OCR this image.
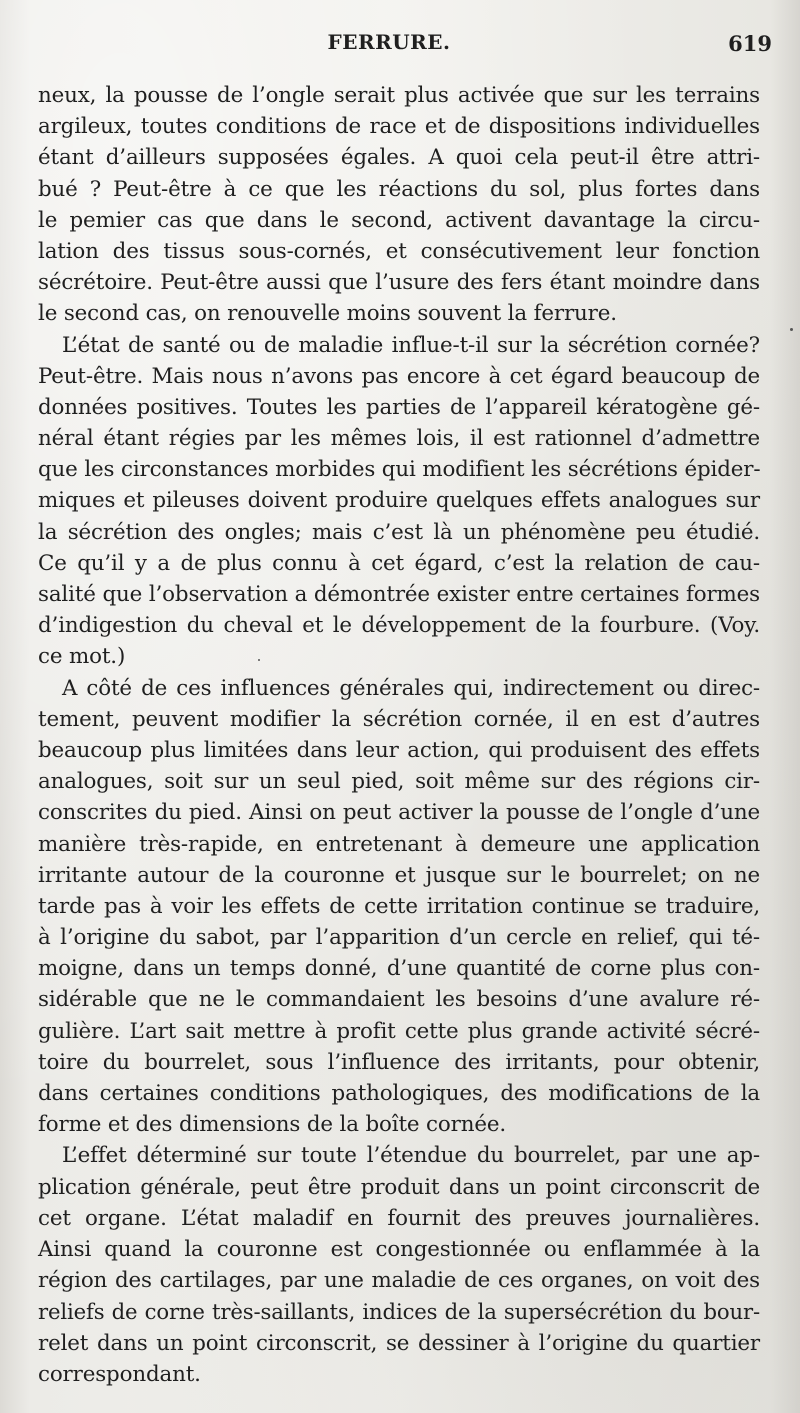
FERRURE.	619
neux, la pousse de l’ongle serait plus activée que sur les terrains
argileux, toutes conditions de race et de dispositions individuelles
étant d’ailleurs supposées égales. A quoi cela peut-il être attri-
bué ? Peut-être à ce que les réactions du sol, plus fortes dans
le pemier cas que dans le second, activent davantage la circu-
lation des tissus sous-cornés, et consécutivement leur fonction
sécrétoire. Peut-être aussi que l’usure des fers étant moindre dans
le second cas, on renouvelle moins souvent la ferrure.
L’état de santé ou de maladie influe-t-il sur la sécrétion cornée?
Peut-être. Mais nous n’avons pas encore à cet égard beaucoup de
données positives. Toutes les parties de l’appareil kératogène gé-
néral étant régies par les mêmes lois, il est rationnel d’admettre
que les circonstances morbides qui modifient les sécrétions épider-
miques et pileuses doivent produire quelques effets analogues sur
la sécrétion des ongles; mais c’est là un phénomène peu étudié.
Ce qu’il y a de plus connu à cet égard, c’est la relation de cau-
salité que l’observation a démontrée exister entre certaines formes
d’indigestion du cheval et le développement de la fourbure. (Voy.
ce mot.)
A côté de ces influences générales qui, indirectement ou direc-
tement, peuvent modifier la sécrétion cornée, il en est d’autres
beaucoup plus limitées dans leur action, qui produisent des effets
analogues, soit sur un seul pied, soit même sur des régions cir-
conscrites du pied. Ainsi on peut activer la pousse de l’ongle d’une
manière très-rapide, en entretenant à demeure une application
irritante autour de la couronne et jusque sur le bourrelet; on ne
tarde pas à voir les effets de cette irritation continue se traduire,
à l’origine du sabot, par l’apparition d’un cercle en relief, qui té-
moigne, dans un temps donné, d’une quantité de corne plus con-
sidérable que ne le commandaient les besoins d’une avalure ré-
gulière. L’art sait mettre à profit cette plus grande activité sécré-
toire du bourrelet, sous l’influence des irritants, pour obtenir,
dans certaines conditions pathologiques, des modifications de la
forme et des dimensions de la boîte cornée.
L’effet déterminé sur toute l’étendue du bourrelet, par une ap-
plication générale, peut être produit dans un point circonscrit de
cet organe. L’état maladif en fournit des preuves journalières.
Ainsi quand la couronne est congestionnée ou enflammée à la
région des cartilages, par une maladie de ces organes, on voit des
reliefs de corne très-saillants, indices de la supersécrétion du bour-
relet dans un point circonscrit, se dessiner à l’origine du quartier
correspondant.
